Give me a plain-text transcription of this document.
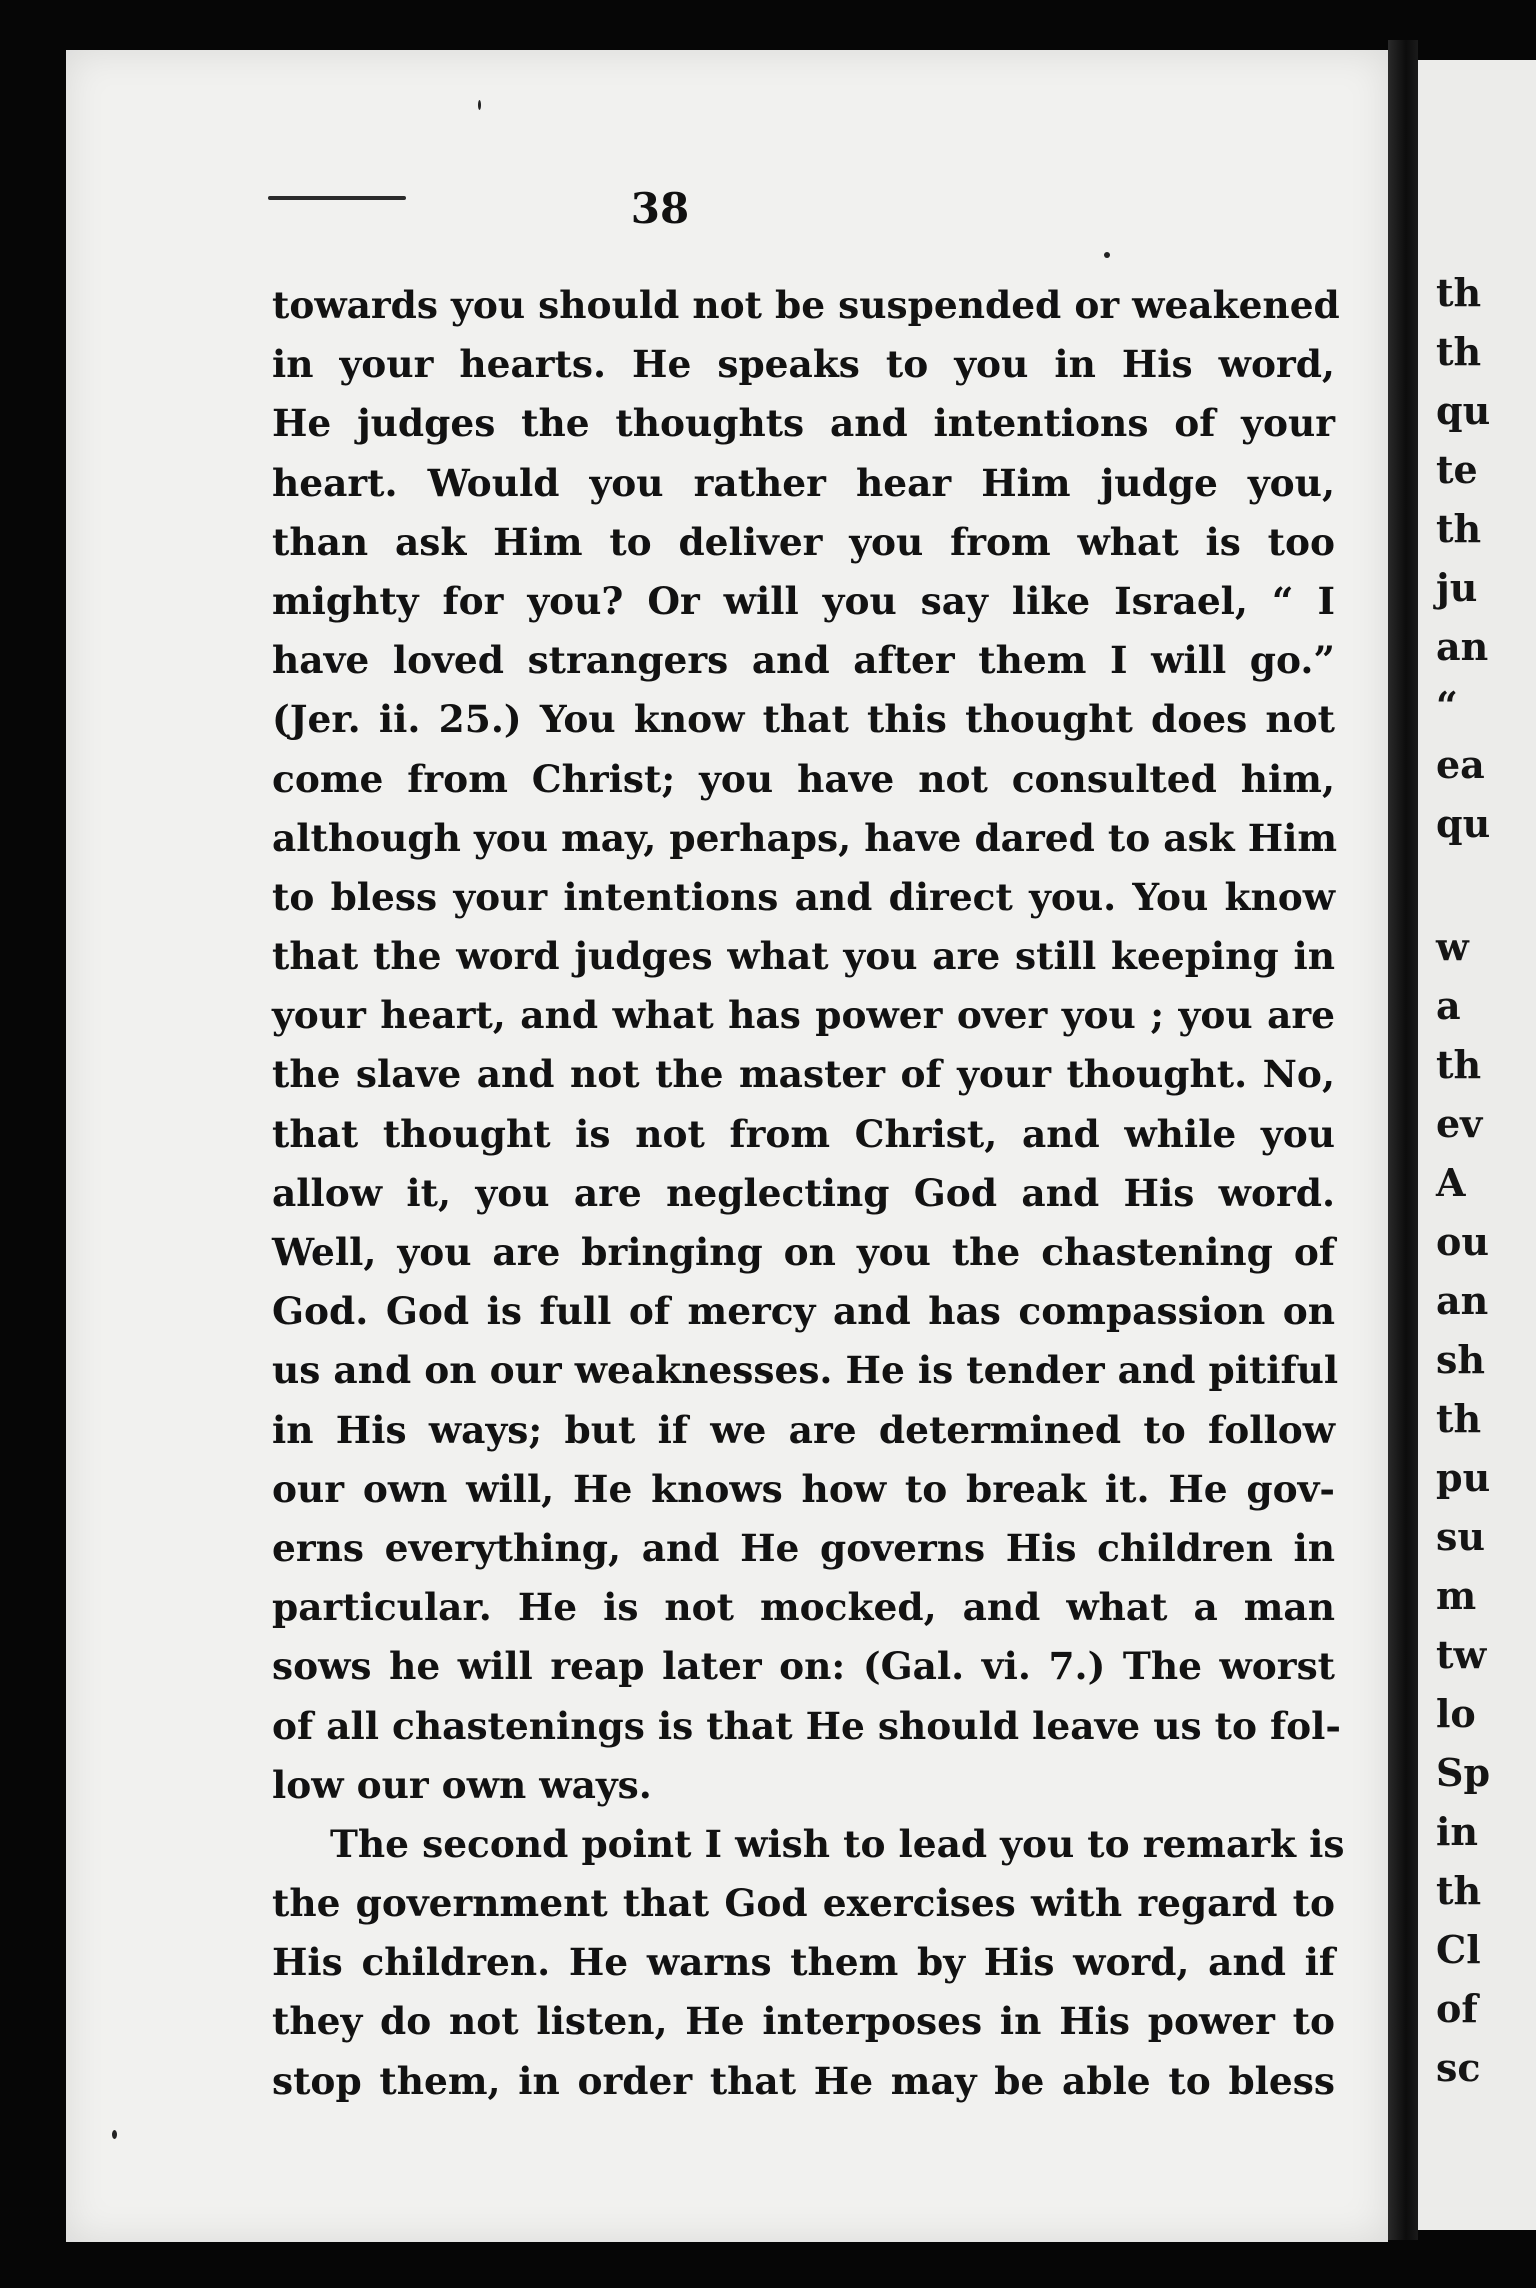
th
th
qu
te
th
ju
an
“
ea
qu
w
a
th
ev
A
ou
an
sh
th
pu
su
m
tw
lo
Sp
in
th
Cl
of
sc
38
towards you should not be suspended or weakened
in your hearts. He speaks to you in His word,
He judges the thoughts and intentions of your
heart. Would you rather hear Him judge you,
than ask Him to deliver you from what is too
mighty for you? Or will you say like Israel, “ I
have loved strangers and after them I will go.”
(Jer. ii. 25.) You know that this thought does not
come from Christ; you have not consulted him,
although you may, perhaps, have dared to ask Him
to bless your intentions and direct you. You know
that the word judges what you are still keeping in
your heart, and what has power over you ; you are
the slave and not the master of your thought. No,
that thought is not from Christ, and while you
allow it, you are neglecting God and His word.
Well, you are bringing on you the chastening of
God. God is full of mercy and has compassion on
us and on our weaknesses. He is tender and pitiful
in His ways; but if we are determined to follow
our own will, He knows how to break it. He gov-
erns everything, and He governs His children in
particular. He is not mocked, and what a man
sows he will reap later on: (Gal. vi. 7.) The worst
of all chastenings is that He should leave us to fol-
low our own ways.
The second point I wish to lead you to remark is
the government that God exercises with regard to
His children. He warns them by His word, and if
they do not listen, He interposes in His power to
stop them, in order that He may be able to bless
